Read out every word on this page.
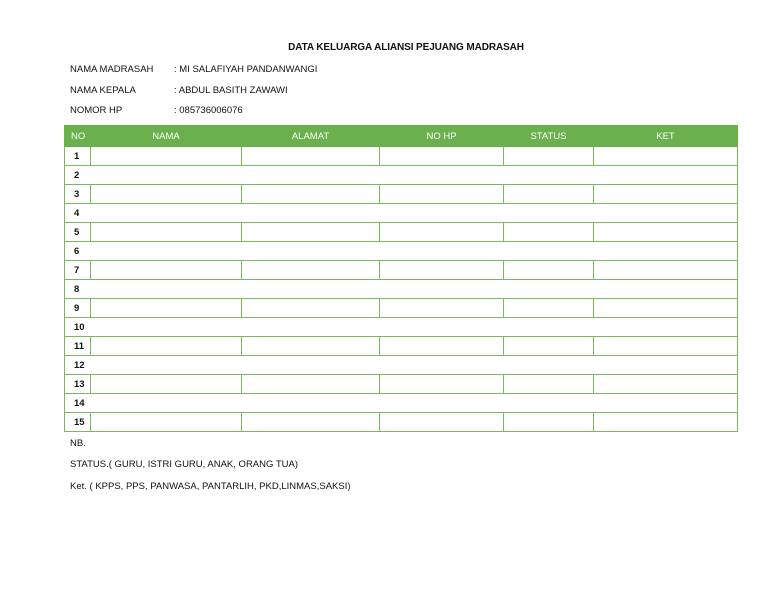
DATA KELUARGA ALIANSI PEJUANG MADRASAH
NAMA MADRASAH : MI SALAFIYAH PANDANWANGI
NAMA KEPALA	: ABDUL BASITH ZAWAWI
NOMOR HP	: 085736006076
NO	NAMA	ALAMAT	NO HP	STATUS	KET
1					
2					
3					
4					
5					
6					
7					
8					
9					
10					
11					
12					
13					
14					
15					
NB.
STATUS.( GURU, ISTRI GURU, ANAK, ORANG TUA)
Ket. ( KPPS, PPS, PANWASA, PANTARLIH, PKD,LINMAS,SAKSI)
